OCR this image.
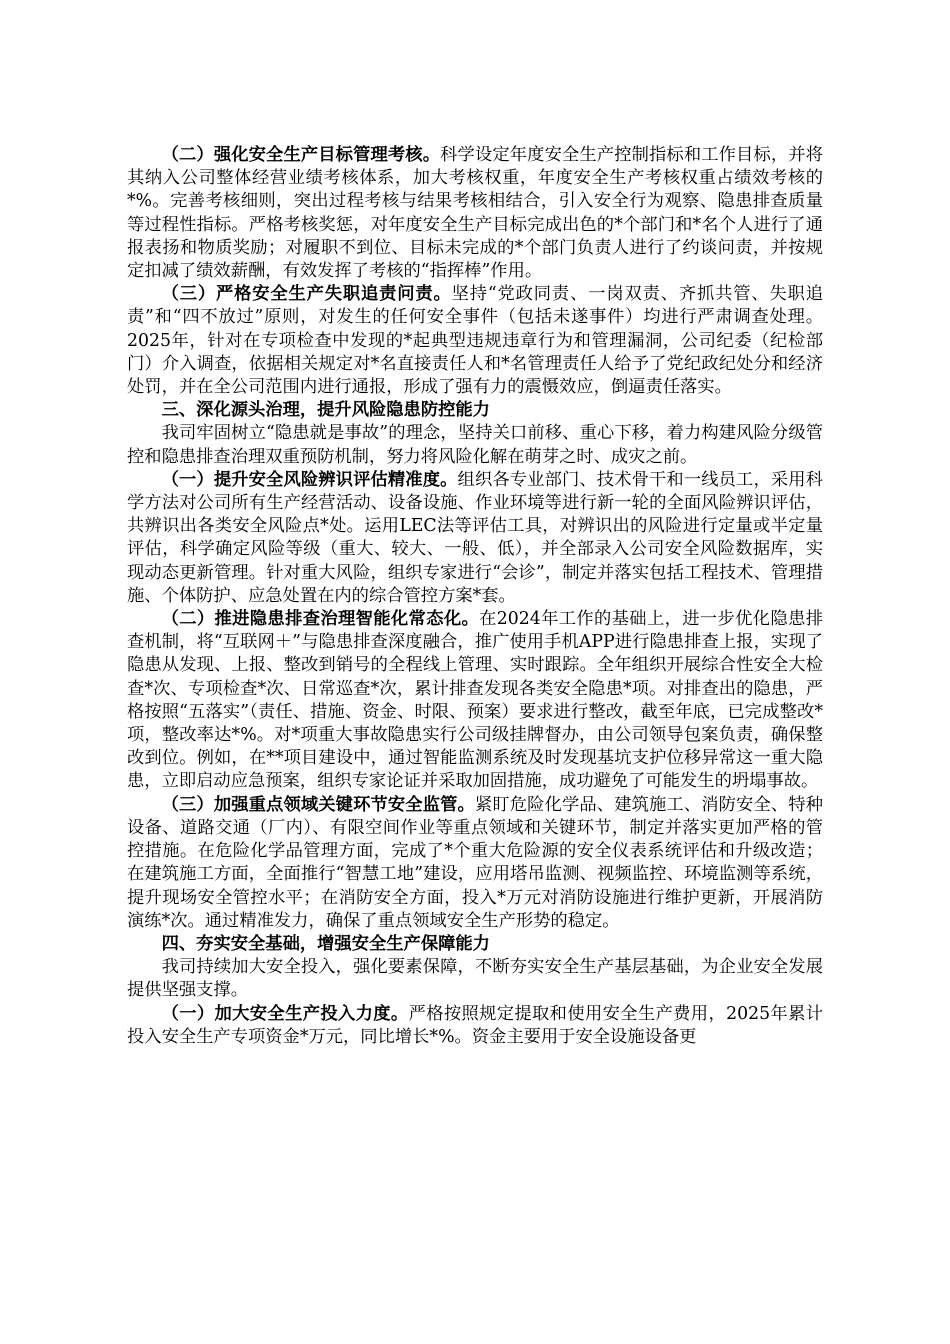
（二）强化安全生产目标管理考核。科学设定年度安全生产控制指标和工作目标，并将其纳入公司整体经营业绩考核体系，加大考核权重，年度安全生产考核权重占绩效考核的*%。完善考核细则，突出过程考核与结果考核相结合，引入安全行为观察、隐患排查质量等过程性指标。严格考核奖惩，对年度安全生产目标完成出色的*个部门和*名个人进行了通报表扬和物质奖励；对履职不到位、目标未完成的*个部门负责人进行了约谈问责，并按规定扣减了绩效薪酬，有效发挥了考核的“指挥棒”作用。

（三）严格安全生产失职追责问责。坚持“党政同责、一岗双责、齐抓共管、失职追责”和“四不放过”原则，对发生的任何安全事件（包括未遂事件）均进行严肃调查处理。2025年，针对在专项检查中发现的*起典型违规违章行为和管理漏洞，公司纪委（纪检部门）介入调查，依据相关规定对*名直接责任人和*名管理责任人给予了党纪政纪处分和经济处罚，并在全公司范围内进行通报，形成了强有力的震慑效应，倒逼责任落实。

三、深化源头治理，提升风险隐患防控能力

我司牢固树立“隐患就是事故”的理念，坚持关口前移、重心下移，着力构建风险分级管控和隐患排查治理双重预防机制，努力将风险化解在萌芽之时、成灾之前。

（一）提升安全风险辨识评估精准度。组织各专业部门、技术骨干和一线员工，采用科学方法对公司所有生产经营活动、设备设施、作业环境等进行新一轮的全面风险辨识评估，共辨识出各类安全风险点*处。运用LEC法等评估工具，对辨识出的风险进行定量或半定量评估，科学确定风险等级（重大、较大、一般、低），并全部录入公司安全风险数据库，实现动态更新管理。针对重大风险，组织专家进行“会诊”，制定并落实包括工程技术、管理措施、个体防护、应急处置在内的综合管控方案*套。

（二）推进隐患排查治理智能化常态化。在2024年工作的基础上，进一步优化隐患排查机制，将“互联网＋”与隐患排查深度融合，推广使用手机APP进行隐患排查上报，实现了隐患从发现、上报、整改到销号的全程线上管理、实时跟踪。全年组织开展综合性安全大检查*次、专项检查*次、日常巡查*次，累计排查发现各类安全隐患*项。对排查出的隐患，严格按照“五落实”（责任、措施、资金、时限、预案）要求进行整改，截至年底，已完成整改*项，整改率达*%。对*项重大事故隐患实行公司级挂牌督办，由公司领导包案负责，确保整改到位。例如，在**项目建设中，通过智能监测系统及时发现基坑支护位移异常这一重大隐患，立即启动应急预案，组织专家论证并采取加固措施，成功避免了可能发生的坍塌事故。

（三）加强重点领域关键环节安全监管。紧盯危险化学品、建筑施工、消防安全、特种设备、道路交通（厂内）、有限空间作业等重点领域和关键环节，制定并落实更加严格的管控措施。在危险化学品管理方面，完成了*个重大危险源的安全仪表系统评估和升级改造；在建筑施工方面，全面推行“智慧工地”建设，应用塔吊监测、视频监控、环境监测等系统，提升现场安全管控水平；在消防安全方面，投入*万元对消防设施进行维护更新，开展消防演练*次。通过精准发力，确保了重点领域安全生产形势的稳定。

四、夯实安全基础，增强安全生产保障能力

我司持续加大安全投入，强化要素保障，不断夯实安全生产基层基础，为企业安全发展提供坚强支撑。

（一）加大安全生产投入力度。严格按照规定提取和使用安全生产费用，2025年累计投入安全生产专项资金*万元，同比增长*%。资金主要用于安全设施设备更
